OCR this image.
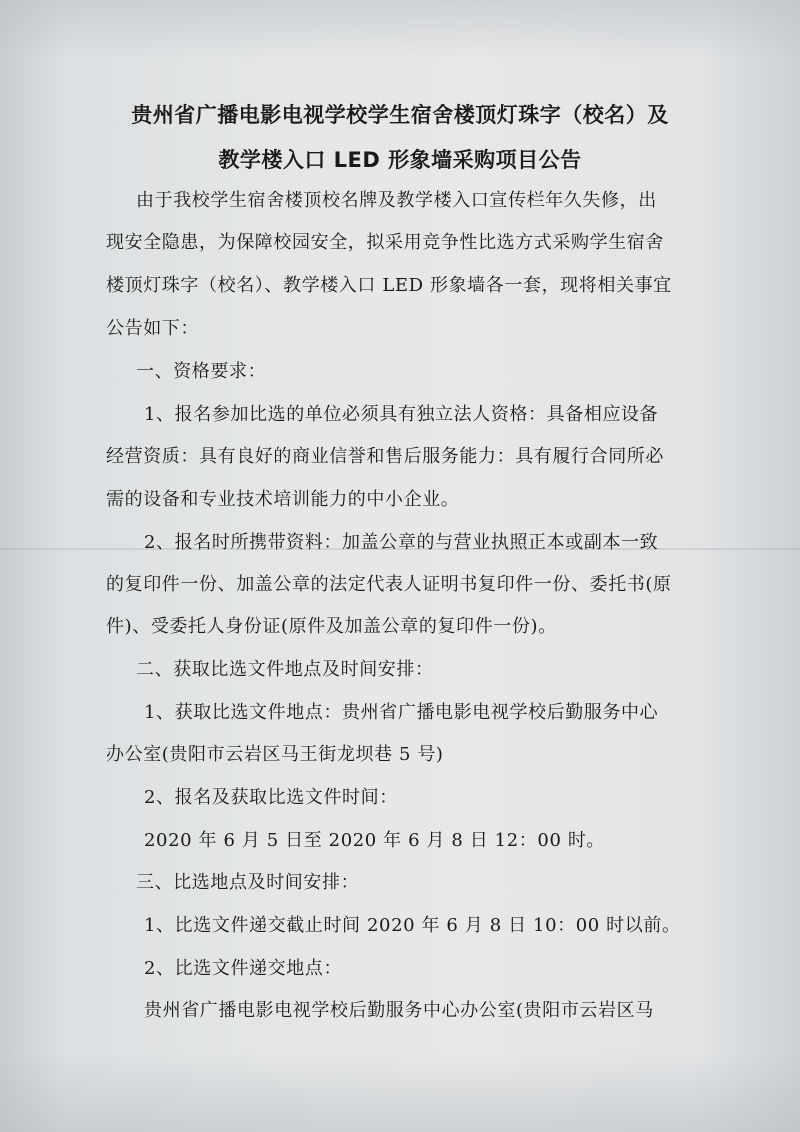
贵州省广播电影电视学校学生宿舍楼顶灯珠字（校名）及
教学楼入口 LED 形象墙采购项目公告
由于我校学生宿舍楼顶校名牌及教学楼入口宣传栏年久失修，出
现安全隐患，为保障校园安全，拟采用竞争性比选方式采购学生宿舍
楼顶灯珠字（校名）、教学楼入口 LED 形象墙各一套，现将相关事宜
公告如下：
一、资格要求：
1、报名参加比选的单位必须具有独立法人资格：具备相应设备
经营资质：具有良好的商业信誉和售后服务能力：具有履行合同所必
需的设备和专业技术培训能力的中小企业。
2、报名时所携带资料：加盖公章的与营业执照正本或副本一致
的复印件一份、加盖公章的法定代表人证明书复印件一份、委托书(原
件)、受委托人身份证(原件及加盖公章的复印件一份)。
二、获取比选文件地点及时间安排：
1、获取比选文件地点：贵州省广播电影电视学校后勤服务中心
办公室(贵阳市云岩区马王街龙坝巷 5 号)
2、报名及获取比选文件时间：
2020 年 6 月 5 日至 2020 年 6 月 8 日 12：00 时。
三、比选地点及时间安排：
1、比选文件递交截止时间 2020 年 6 月 8 日 10：00 时以前。
2、比选文件递交地点：
贵州省广播电影电视学校后勤服务中心办公室(贵阳市云岩区马
